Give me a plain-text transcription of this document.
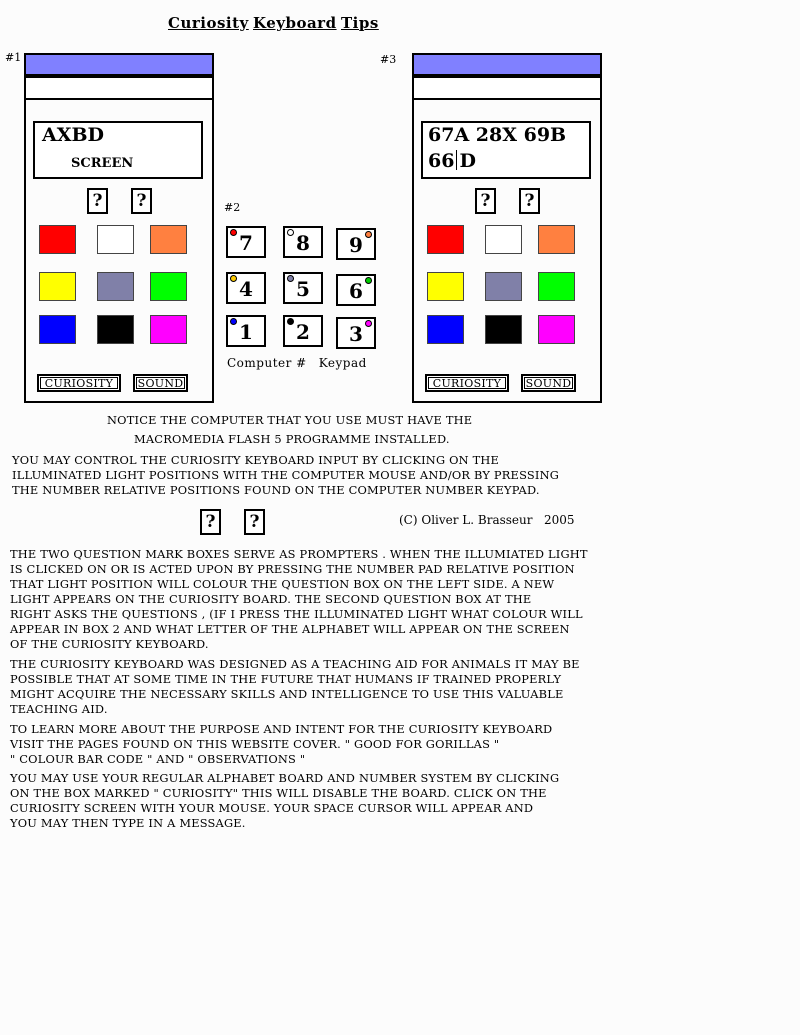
Curiosity Keyboard Tips
#1
#2
#3
AXBD
SCREEN
?	?
CURIOSITY	SOUND
67A 28X 69B
66 D
?	?
CURIOSITY	SOUND
7	8	9
4	5	6
1	2	3
Computer # Keypad
NOTICE THE COMPUTER THAT YOU USE MUST HAVE THE
MACROMEDIA FLASH 5 PROGRAMME INSTALLED.
YOU MAY CONTROL THE CURIOSITY KEYBOARD INPUT BY CLICKING ON THE
ILLUMINATED LIGHT POSITIONS WITH THE COMPUTER MOUSE AND/OR BY PRESSING
THE NUMBER RELATIVE POSITIONS FOUND ON THE COMPUTER NUMBER KEYPAD.
?	?	(C) Oliver L. Brasseur   2005
THE TWO QUESTION MARK BOXES SERVE AS PROMPTERS . WHEN THE ILLUMIATED LIGHT
IS CLICKED ON OR IS ACTED UPON BY PRESSING THE NUMBER PAD RELATIVE POSITION
THAT LIGHT POSITION WILL COLOUR THE QUESTION BOX ON THE LEFT SIDE. A NEW
LIGHT APPEARS ON THE CURIOSITY BOARD. THE SECOND QUESTION BOX AT THE
RIGHT ASKS THE QUESTIONS , (IF I PRESS THE ILLUMINATED LIGHT WHAT COLOUR WILL
APPEAR IN BOX 2 AND WHAT LETTER OF THE ALPHABET WILL APPEAR ON THE SCREEN
OF THE CURIOSITY KEYBOARD.
THE CURIOSITY KEYBOARD WAS DESIGNED AS A TEACHING AID FOR ANIMALS IT MAY BE
POSSIBLE THAT AT SOME TIME IN THE FUTURE THAT HUMANS IF TRAINED PROPERLY
MIGHT ACQUIRE THE NECESSARY SKILLS AND INTELLIGENCE TO USE THIS VALUABLE
TEACHING AID.
TO LEARN MORE ABOUT THE PURPOSE AND INTENT FOR THE CURIOSITY KEYBOARD
VISIT THE PAGES FOUND ON THIS WEBSITE COVER. " GOOD FOR GORILLAS "
" COLOUR BAR CODE " AND " OBSERVATIONS "
YOU MAY USE YOUR REGULAR ALPHABET BOARD AND NUMBER SYSTEM BY CLICKING
ON THE BOX MARKED " CURIOSITY" THIS WILL DISABLE THE BOARD. CLICK ON THE
CURIOSITY SCREEN WITH YOUR MOUSE. YOUR SPACE CURSOR WILL APPEAR AND
YOU MAY THEN TYPE IN A MESSAGE.
